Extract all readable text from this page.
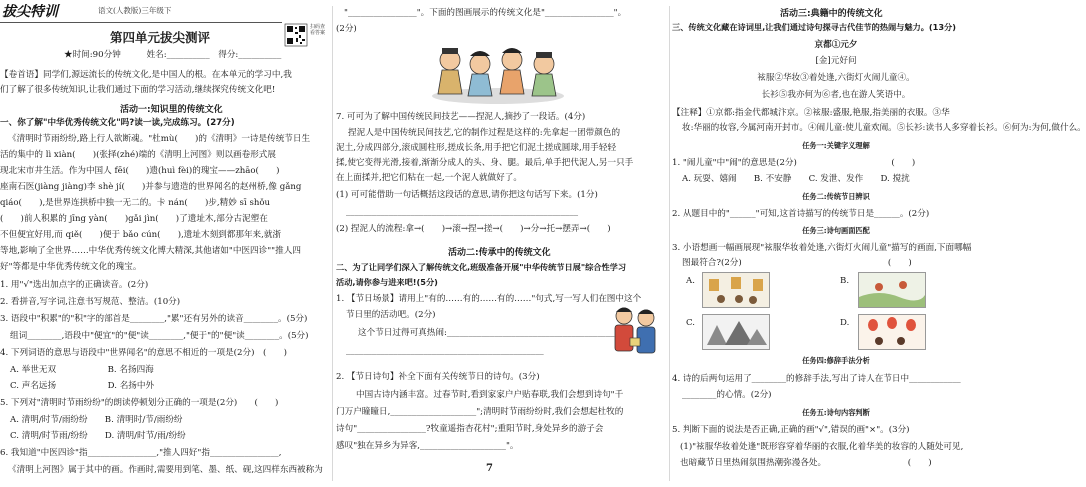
拔尖特训	语文(人教版)三年级下
第四单元拔尖测评
扫码查看答案
★时间:90分钟　　　姓名:__________　得分:__________
【卷首语】同学们,源远流长的传统文化,是中国人的根。在本单元的学习中,我
们了解了很多传统知识,让我们通过下面的学习活动,继续探究传统文化吧!
活动一:知识里的传统文化
一、你了解"中华优秀传统文化"吗?读一读,完成练习。(27分)
《清明时节雨纷纷,路上行人欲断魂。"杜mù(　　)的《清明》一诗是传统节日生
活的集中的 lì xiàn(　　)(张择(zhé)端的《清明上河图》则以画卷形式展
现北宋市井生活。作为中国人 fēi(　　)遗(huì fèi)的瑰宝——zhāo(　　)
座南石医(jiàng jiàng)李 shè jí(　　)并参与遗造的世界闻名的赵州桥,像 gǎng
qiáo(　　),是世界连拱桥中独一无二的。卡 nán(　　)步,精妙 sī shǒu
(　　)前人积累的 jīng yàn(　　)gǎi jìn(　　)了遗址木,部分古泥塑在
不但便宜好用,而 qiě(　　)便于 bǎo cún(　　),遗址木刻到都那年来,就浙
等地,影响了全世界……中华优秀传统文化博大精深,其他诸如"中医四诊""推人四
好"等都是中华优秀传统文化的瑰宝。
1. 用"√"选出加点字的正确读音。(2分)
2. 看拼音,写字词,注意书写规范、整洁。(10分)
3. 语段中"积累"的"积"字的部首是________,"累"还有另外的读音________。(5分)
组词________,语段中"便宜"的"便"读________,"便于"的"便"读________。(5分)
4. 下列词语的意思与语段中"世界闻名"的意思不相近的一项是(2分)　(　　)
A. 举世无双　　　　　　B. 名扬四海
C. 声名远扬　　　　　　D. 名扬中外
5. 下列对"清明时节雨纷纷"的朗读停顿划分正确的一项是(2分)　　(　　)
A. 清明/时节/雨纷纷　　B. 清明时/节/雨纷纷
C. 清明/时节雨/纷纷　　D. 清明/时节/雨/纷纷
6. 我知道"中医四诊"指________________,"推人四好"指________________,
《清明上河图》属于其中的画。作画时,需要用到笔、墨、纸、砚,这四样东西被称为
"________________"。下面的图画展示的传统文化是"________________"。
(2分)
7. 可可为了解中国传统民间技艺——捏泥人,摘抄了一段话。(4分)
捏泥人是中国传统民间技艺,它的制作过程是这样的:先拿起一团带颜色的
泥土,分成四部分,滚成圆柱形,搓成长条,用手把它们泥土搓成圆球,用手轻轻
揉,使它变得光滑,接着,渐渐分成人的头、身、腿。最后,单手把代泥人,另一只手
在上面揉并,把它们粘在一起,一个泥人就做好了。
(1) 可可能借助一句话概括这段话的意思,请你把这句话写下来。(1分)
______________________________________________________
(2) 捏泥人的流程:拿→(　　)→滚→捏→搓→(　　)→分→托→摆弄→(　　)
活动二:传承中的传统文化
二、为了让同学们深入了解传统文化,班级准备开展"中华传统节日展"综合性学习
活动,请你参与进来吧!(5分)
1. 【节日场景】请用上"有的……有的……有的……"句式,写一写人们在图中这个
节日里的活动吧。(2分)
这个节日过得可真热闹:_______________________________________
______________________________________________
2. 【节日诗句】补全下面有关传统节日的诗句。(3分)
中国古诗内涵丰富。过春节时,看到家家户户贴春联,我们会想到诗句"千
门万户瞳瞳日,____________________";清明时节雨纷纷时,我们会想起杜牧的
诗句"________________?牧童遥指杏花村";重阳节时,身处异乡的游子会
感叹"独在异乡为异客,____________________"。
7
活动三:典籍中的传统文化
三、传统文化藏在诗词里,让我们通过诗句探寻古代佳节的热闹与魅力。(13分)
京都①元夕
[金]元好问
袨服②华妆③着处逢,六街灯火闹儿童④。
长衫⑤我亦何为⑥者,也在游人笑语中。
【注释】①京都:指金代都城汴京。②袨服:盛服,艳服,指美丽的衣服。③华
妆:华丽的妆容,今属河南开封市。④闹儿童:使儿童欢闹。⑤长衫:读书人多穿着长衫。⑥何为:为何,做什么。
任务一:关键字义理解
1. "闹儿童"中"闹"的意思是(2分)　　　　　　　　　　　(　　)
A. 玩耍、嬉闹　　B. 不安静　　C. 发泄、发作　　D. 搅扰
任务二:传统节日辨识
2. 从题目中的"______"可知,这首诗描写的传统节日是______。(2分)
任务三:诗句画面匹配
3. 小语想画一幅画展现"袨服华妆着处逢,六街灯火闹儿童"描写的画面,下面哪幅
图最符合?(2分)　　　　　　　　　　　　　　　　　(　　)
A.	B.
C.	D.
任务四:修辞手法分析
4. 诗的后两句运用了________的修辞手法,写出了诗人在节日中____________
________的心情。(2分)
任务五:诗句内容判断
5. 判断下面的说法是否正确,正确的画"√",错误的画"×"。(3分)
(1)"袨服华妆着处逢"既形容穿着华丽的衣服,化着华美的妆容的人随处可见,
也暗藏节日里热闹氛围热潮弥漫各处。　　　　　　　　　　(　　)
